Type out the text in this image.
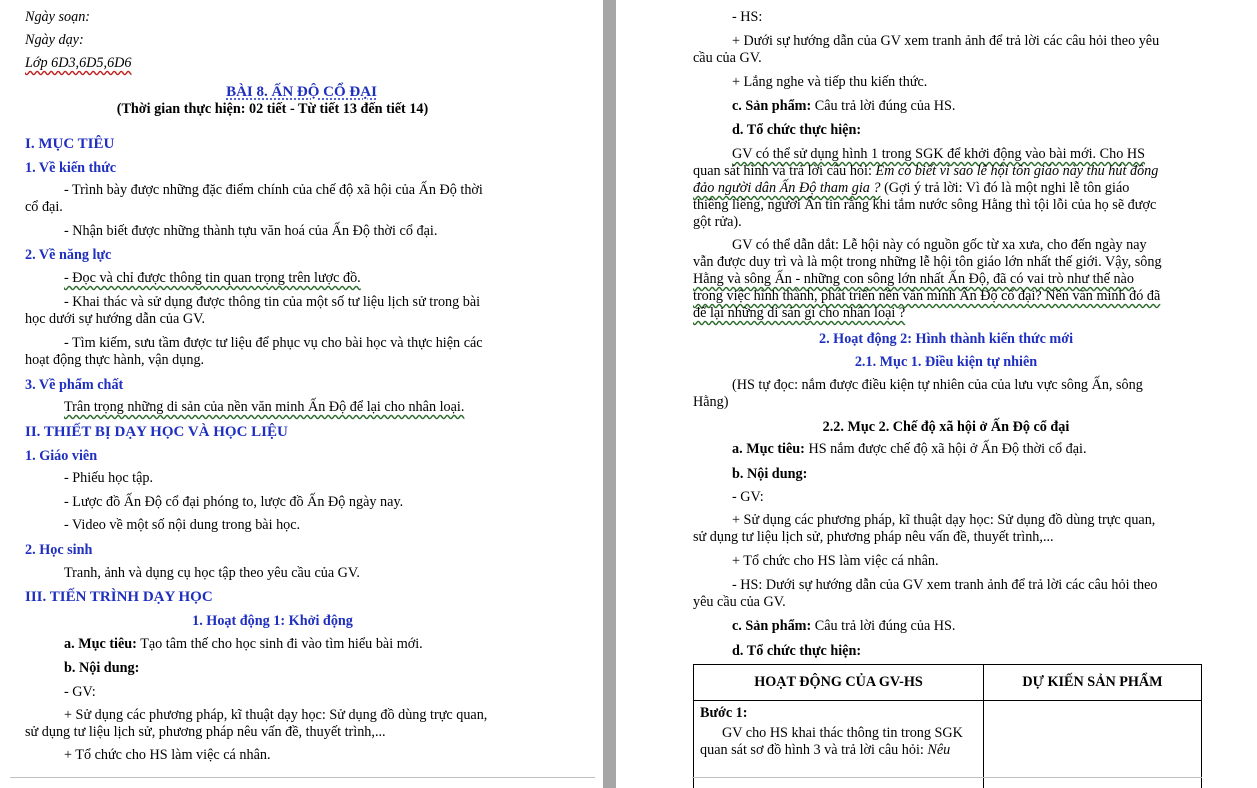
Ngày soạn:
Ngày dạy:
Lớp 6D3,6D5,6D6
BÀI 8. ẤN ĐỘ CỔ ĐẠI
(Thời gian thực hiện: 02 tiết - Từ tiết 13 đến tiết 14)
I. MỤC TIÊU
1. Về kiến thức
- Trình bày được những đặc điểm chính của chế độ xã hội của Ấn Độ thời
cổ đại.
- Nhận biết được những thành tựu văn hoá của Ấn Độ thời cổ đại.
2. Về năng lực
- Đọc và chỉ được thông tin quan trọng trên lược đồ.
- Khai thác và sử dụng được thông tin của một số tư liệu lịch sử trong bài
học dưới sự hướng dẫn của GV.
- Tìm kiếm, sưu tầm được tư liệu để phục vụ cho bài học và thực hiện các
hoạt động thực hành, vận dụng.
3. Về phẩm chất
Trân trọng những di sản của nền văn minh Ấn Độ để lại cho nhân loại.
II. THIẾT BỊ DẠY HỌC VÀ HỌC LIỆU
1. Giáo viên
- Phiếu học tập.
- Lược đồ Ấn Độ cổ đại phóng to, lược đồ Ấn Độ ngày nay.
- Video về một số nội dung trong bài học.
2. Học sinh
Tranh, ảnh và dụng cụ học tập theo yêu cầu của GV.
III. TIẾN TRÌNH DẠY HỌC
1. Hoạt động 1: Khởi động
a. Mục tiêu: Tạo tâm thế cho học sinh đi vào tìm hiểu bài mới.
b. Nội dung:
- GV:
+ Sử dụng các phương pháp, kĩ thuật dạy học: Sử dụng đồ dùng trực quan,
sử dụng tư liệu lịch sử, phương pháp nêu vấn đề, thuyết trình,...
+ Tổ chức cho HS làm việc cá nhân.
- HS:
+ Dưới sự hướng dẫn của GV xem tranh ảnh để trả lời các câu hỏi theo yêu
cầu của GV.
+ Lắng nghe và tiếp thu kiến thức.
c. Sản phẩm: Câu trả lời đúng của HS.
d. Tổ chức thực hiện:
GV có thể sử dụng hình 1 trong SGK để khởi động vào bài mới. Cho HS
quan sát hình và trả lời câu hỏi: Em có biết vì sao lễ hội tôn giáo này thu hút đông
đảo người dân Ấn Độ tham gia ? (Gợi ý trả lời: Vì đó là một nghi lễ tôn giáo
thiêng liêng, người Ấn tin rằng khi tắm nước sông Hằng thì tội lỗi của họ sẽ được
gột rửa).
GV có thể dẫn dắt: Lễ hội này có nguồn gốc từ xa xưa, cho đến ngày nay
vẫn được duy trì và là một trong những lễ hội tôn giáo lớn nhất thế giới. Vậy, sông
Hằng và sông Ấn - những con sông lớn nhất Ấn Độ, đã có vai trò như thế nào
trong việc hình thành, phát triển nền văn minh Ấn Độ cổ đại? Nền văn minh đó đã
để lại những di sản gì cho nhân loại ?
2. Hoạt động 2: Hình thành kiến thức mới
2.1. Mục 1. Điều kiện tự nhiên
(HS tự đọc: nắm được điều kiện tự nhiên của của lưu vực sông Ấn, sông
Hằng)
2.2. Mục 2. Chế độ xã hội ở Ấn Độ cổ đại
a. Mục tiêu: HS nắm được chế độ xã hội ở Ấn Độ thời cổ đại.
b. Nội dung:
- GV:
+ Sử dụng các phương pháp, kĩ thuật dạy học: Sử dụng đồ dùng trực quan,
sử dụng tư liệu lịch sử, phương pháp nêu vấn đề, thuyết trình,...
+ Tổ chức cho HS làm việc cá nhân.
- HS: Dưới sự hướng dẫn của GV xem tranh ảnh để trả lời các câu hỏi theo
yêu cầu của GV.
c. Sản phẩm: Câu trả lời đúng của HS.
d. Tổ chức thực hiện:
HOẠT ĐỘNG CỦA GV-HS	DỰ KIẾN SẢN PHẨM
Bước 1:
GV cho HS khai thác thông tin trong SGK
quan sát sơ đồ hình 3 và trả lời câu hỏi: Nêu
